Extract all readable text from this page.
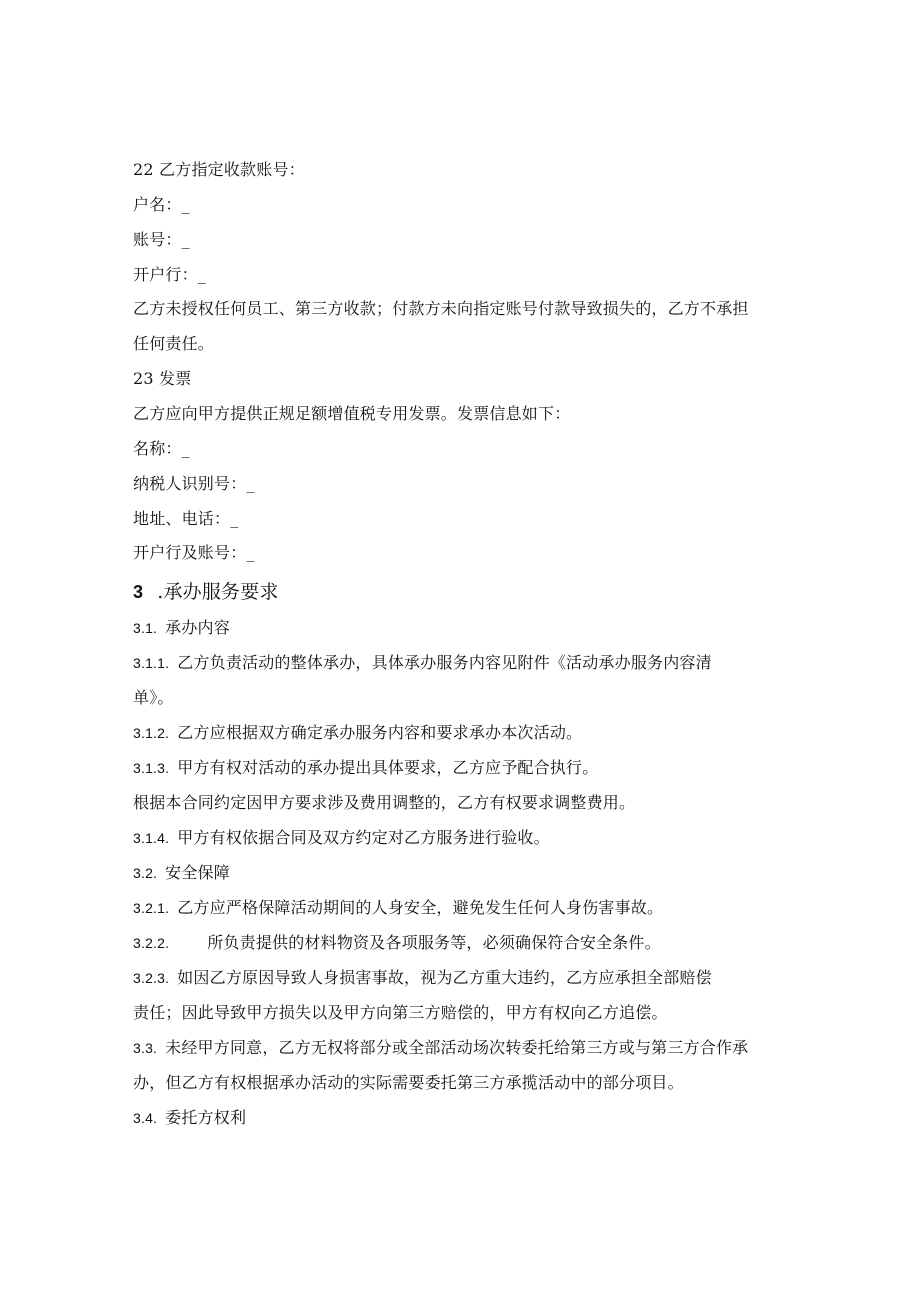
22 乙方指定收款账号：

户名：_

账号：_

开户行：_

乙方未授权任何员工、第三方收款；付款方未向指定账号付款导致损失的，乙方不承担

任何责任。

23 发票

乙方应向甲方提供正规足额增值税专用发票。发票信息如下：

名称：_

纳税人识别号：_

地址、电话：_

开户行及账号：_

3 .承办服务要求

3.1. 承办内容

3.1.1. 乙方负责活动的整体承办，具体承办服务内容见附件《活动承办服务内容清

单》。

3.1.2. 乙方应根据双方确定承办服务内容和要求承办本次活动。

3.1.3. 甲方有权对活动的承办提出具体要求，乙方应予配合执行。

根据本合同约定因甲方要求涉及费用调整的，乙方有权要求调整费用。

3.1.4. 甲方有权依据合同及双方约定对乙方服务进行验收。

3.2. 安全保障

3.2.1. 乙方应严格保障活动期间的人身安全，避免发生任何人身伤害事故。

3.2.2. 所负责提供的材料物资及各项服务等，必须确保符合安全条件。

3.2.3. 如因乙方原因导致人身损害事故，视为乙方重大违约，乙方应承担全部赔偿

责任；因此导致甲方损失以及甲方向第三方赔偿的，甲方有权向乙方追偿。

3.3. 未经甲方同意，乙方无权将部分或全部活动场次转委托给第三方或与第三方合作承

办，但乙方有权根据承办活动的实际需要委托第三方承揽活动中的部分项目。

3.4. 委托方权利
